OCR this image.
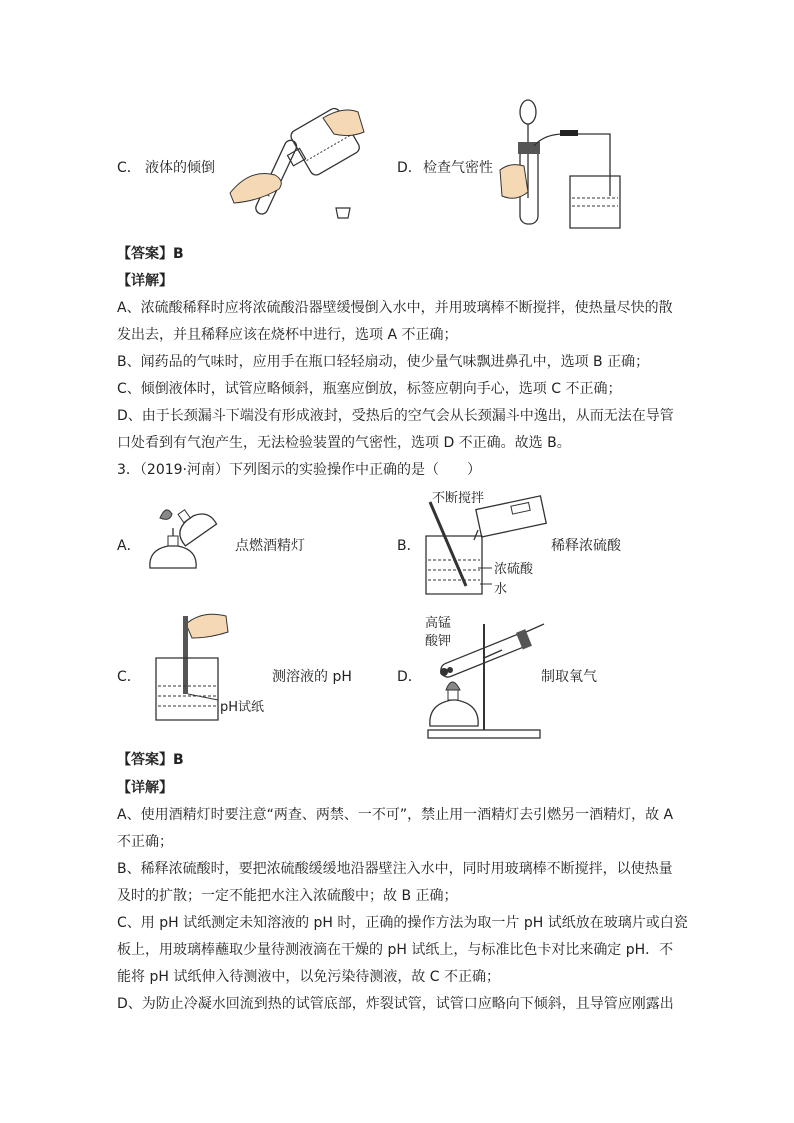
C． 液体的倾倒	D． 检查气密性
【答案】B
【详解】
A、浓硫酸稀释时应将浓硫酸沿器壁缓慢倒入水中，并用玻璃棒不断搅拌，使热量尽快的散
发出去，并且稀释应该在烧杯中进行，选项 A 不正确；
B、闻药品的气味时，应用手在瓶口轻轻扇动，使少量气味飘进鼻孔中，选项 B 正确；
C、倾倒液体时，试管应略倾斜，瓶塞应倒放，标签应朝向手心，选项 C 不正确；
D、由于长颈漏斗下端没有形成液封，受热后的空气会从长颈漏斗中逸出，从而无法在导管
口处看到有气泡产生，无法检验装置的气密性，选项 D 不正确。故选 B。
3．（2019·河南）下列图示的实验操作中正确的是（　　）
A．	点燃酒精灯	B．
不断搅拌
稀释浓硫酸
浓硫酸
水
C．
pH试纸
测溶液的 pH	D．
高锰
酸钾
制取氧气
【答案】B
【详解】
A、使用酒精灯时要注意“两查、两禁、一不可”，禁止用一酒精灯去引燃另一酒精灯，故 A
不正确；
B、稀释浓硫酸时，要把浓硫酸缓缓地沿器壁注入水中，同时用玻璃棒不断搅拌，以使热量
及时的扩散；一定不能把水注入浓硫酸中；故 B 正确；
C、用 pH 试纸测定未知溶液的 pH 时，正确的操作方法为取一片 pH 试纸放在玻璃片或白瓷
板上，用玻璃棒蘸取少量待测液滴在干燥的 pH 试纸上，与标准比色卡对比来确定 pH．不
能将 pH 试纸伸入待测液中，以免污染待测液，故 C 不正确；
D、为防止冷凝水回流到热的试管底部，炸裂试管，试管口应略向下倾斜，且导管应刚露出
